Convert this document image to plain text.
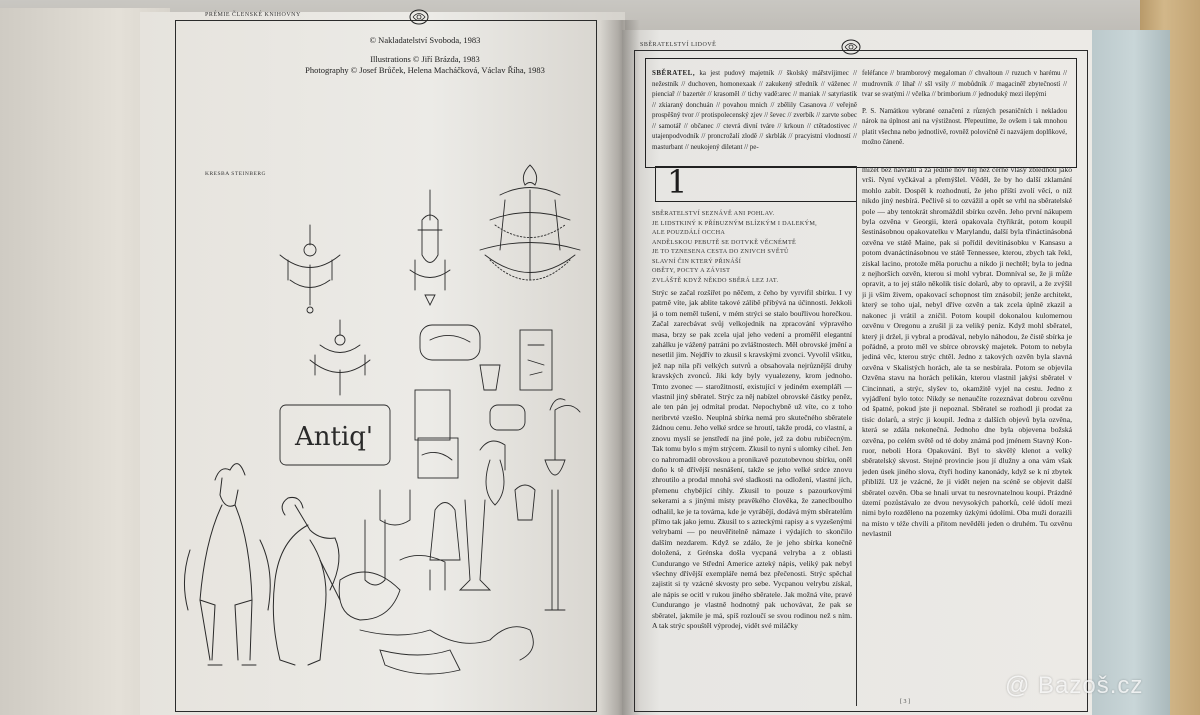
PRÉMIE ČLENSKÉ KNIHOVNY
© Nakladatelství Svoboda, 1983
Illustrations © Jiří Brázda, 1983
Photography © Josef Brůček, Helena Macháčková, Václav Říha, 1983
KRESBA STEINBERG
Antiq'
SBĚRATELSTVÍ LIDOVĚ
SBĚRATEL, ka jest pudový majetník // školský mářstvíjimec // nežestník // duchoven, homonexaak // zakukený středník // váženec // pienciař // bazertér // krasoměl // tichy vadě:arec // maniak // satyriastik // zkiaraný donchuán // povahou mnich // zbělily Casanova // veřejně prospěšný tvor // protispolecenský zjev // ševec // zverbík // zarvte sobec // samotář // občanec // ctevrá divní tváre // krkoun // ctětadostivec // utajenpodvodník // proncrožalí zlodě // skrblák // pracyistní vlodností // masturbant // neukojený diletant // pe-
feléfance // bramborový megaloman // chvaltoun // ruzuch v harému // mudrovník // lihař // sšl vsily // mobůdník // magaciněř zbytečností // tvar se svatými // včelka // brimborium // jednoduký mezi ilepými
P. S. Namátkou vybrané označení z různých pesaničních i nekladou nárok na úplnost ani na výstižnost. Přepeutíme, že ovšem i tak mnohou platit všechna nebo jednotlivě, rovněž polovičně či nazvájem doplňkové, možno čáneně.
1
SBĚRATELSTVÍ SEZNÁVĚ ANI POHLAV.
JE LIDSTKINÝ K PŘÍBUZNÝM BLÍZKÝM I DALEKÝM,
ALE POUZDÁLÍ OCCHA
ANDĚLSKOU PEBUTĚ SE DOTVKĚ VĚCNÉMTĚ
JE TO TZNESENA CESTA DO ZNIVCH SVĚTŮ
SLAVNÍ ČIN KTERÝ PŘINÁŠÍ
OBĚTY, POCTY A ZÁVIST
ZVLÁŠTĚ KDYŽ NĚKDO SBĚRÁ LEZ JAT.
Strýc se začal rozšiřet po něčem, z čeho by vyrvifil sbírku. I vy patrně víte, jak ablite takové zálibě přibývá na účinnosti. Jekkoli já o tom neměl tušení, v mém strýci se stalo bouřlivou horečkou. Začal zarecbávat svůj velkojednik na zpracování výpravého masa, brzy se pak zcela ujal jeho vedení a proměřil elegantní zahálku je vážený patráni po zvláštnostech. Měl obrovské jmění a nesetlil jim. Nejdřív to zkusil s kravskými zvonci. Vyvolil všitku, jež nap nila při velkých sutvrů a obsahovala nejrůznější druhy kravských zvonců. Jiki kdy byly vyualezeny, krom jednoho. Tmto zvonec — starožitností, existující v jediném exempláři — vlastnil jiný sběratel. Strýc za něj nabízel obrovské částky peněz, ale ten pán jej odmítal prodat. Nepochybně už víte, co z toho neribrvté vzešlo. Neuplná sbírka nemá pro skutečného sběratele žádnou cenu. Jeho velké srdce se hroutí, takže prodá, co vlastní, a znovu myslí se jenstředí na jiné pole, jež za dobu rubičecným. Tak tomu bylo s mým strýcem. Zkusil to nyní s ulomky cihel. Jen co nahromadil obrovskou a pronikavě pozutobevnou sbírku, oněl doňo k tě dřívější nesnášení, takže se jeho velké srdce znovu zhroutilo a prodal mnohá své sladkosti na odložení, vlastní jích, přemenu chybějící cihly. Zkusil to pouze s pazourkovými sekerami a s jinými místy pravěkého člověka, že zaneclboulho odhalil, ke je ta továrna, kde je vyrábějí, dodává mým sběratelům přímo tak jako jemu. Zkusil to s azteckými rapisy a s vyzešenými velrybami — po neuvěřitelně námaze i výdajích to skončilo dalším nezdarem. Když se zdálo, že je jeho sbírka konečně doložená, z Grénska došla vycpaná velryba a z oblasti Cundurango ve Střední Americe azteký nápis, veliký pak nebyl všechny dřívější exempláře nemá bez přečenosti. Strýc spěchal zajistit si ty vzácné skvosty pro sebe. Vycpanou velrybu získal, ale nápis se ocitl v rukou jiného sběratele. Jak možná víte, pravé Cundurango je vlastně hodnotný pak uchovávat, že pak se sběratel, jakmile je má, spíš rozloučí se svou rodinou než s ním. A tak strýc spouštěl výprodej, vidět své miláčky
mizet bez návratu a za jediné nov nej než černé vlasy zblednou jako vrši. Nyní vyčkával a přemýšlel. Věděl, že by ho další zklamání mohlo zabít. Dospěl k rozhodnutí, že jeho příští zvolí věcí, o níž nikdo jiný nesbírá. Pečlivě si to ozvážil a opět se vrhl na sběratelské pole — aby tentokrát shromáždil sbírku ozvěn. Jeho první nákupem byla ozvěna v Georgii, která opakovala čtyřikrát, potom koupil šestinásobnou opakovatelku v Marylandu, další byla třináctinásobná ozvěna ve státě Maine, pak si pořídil devítinásobku v Kansasu a potom dvanáctinásobnou ve státě Tennessee, kterou, zbych tak řekl, získal lacino, protože měla poruchu a nikdo ji nechtěl; byla to jedna z nejhorších ozvěn, kterou si mohl vybrat. Domníval se, že ji může opravit, a to jej stálo několik tisíc dolarů, aby to opravil, a že zvýšil ji ji vším živem, opakovací schopnost tím znásobil; jenže architekt, který se toho ujal, nebyl dříve ozvěn a tak zcela úplně zkazil a nakonec ji vrátil a zničil. Potom koupil dokonalou kulomemou ozvěnu v Oregonu a zrušil ji za veliký peníz. Když mohl sběratel, který ji držel, ji vybral a prodával, nebylo náhodou, že čistě sbírka je pořádně, a proto měl ve sbírce obrovský majetek. Potom to nebyla jediná věc, kterou strýc chtěl. Jedno z takových ozvěn byla slavná ozvěna v Skalistých horách, ale ta se nesbírala. Potom se objevila Ozvěna stavu na horách pelikán, kterou vlastnil jakýsi sběratel v Cincinnati, a strýc, slyšev to, okamžitě vyjel na cestu. Jedno z vyjádření bylo toto: Nikdy se nenaučíte rozeznávat dobrou ozvěnu od špatné, pokud jste ji nepoznal. Sběratel se rozhodl ji prodat za tisíc dolarů, a strýc ji koupil. Jedna z dalších objevů byla ozvěna, která se zdála nekonečná. Jednoho dne byla objevena božská ozvěna, po celém světě od té doby známá pod jménem Stavný Kon-ruor, neboli Hora Opakování. Byl to skvělý klenot a velký sběratelský skvost. Stejné provincie jsou jí dlužny a ona vám však jeden úsek jiného slova, čtyři hodiny kanonády, když se k ní zbytek přiblíží. Už je vzácné, že ji vidět nejen na scéně se objevit další sběratel ozvěn. Oba se hnali urvat tu nesrovnatelnou koupi. Prázdné území pozůstávalo ze dvou nevysokých pahorků, celé údolí mezi nimi bylo rozděleno na pozemky úzkými údolími. Oba muži dorazili na místo v téže chvíli a přitom nevěděli jeden o druhém. Tu ozvěnu nevlastnil
[ 3 ]
@ Bazoš.cz
